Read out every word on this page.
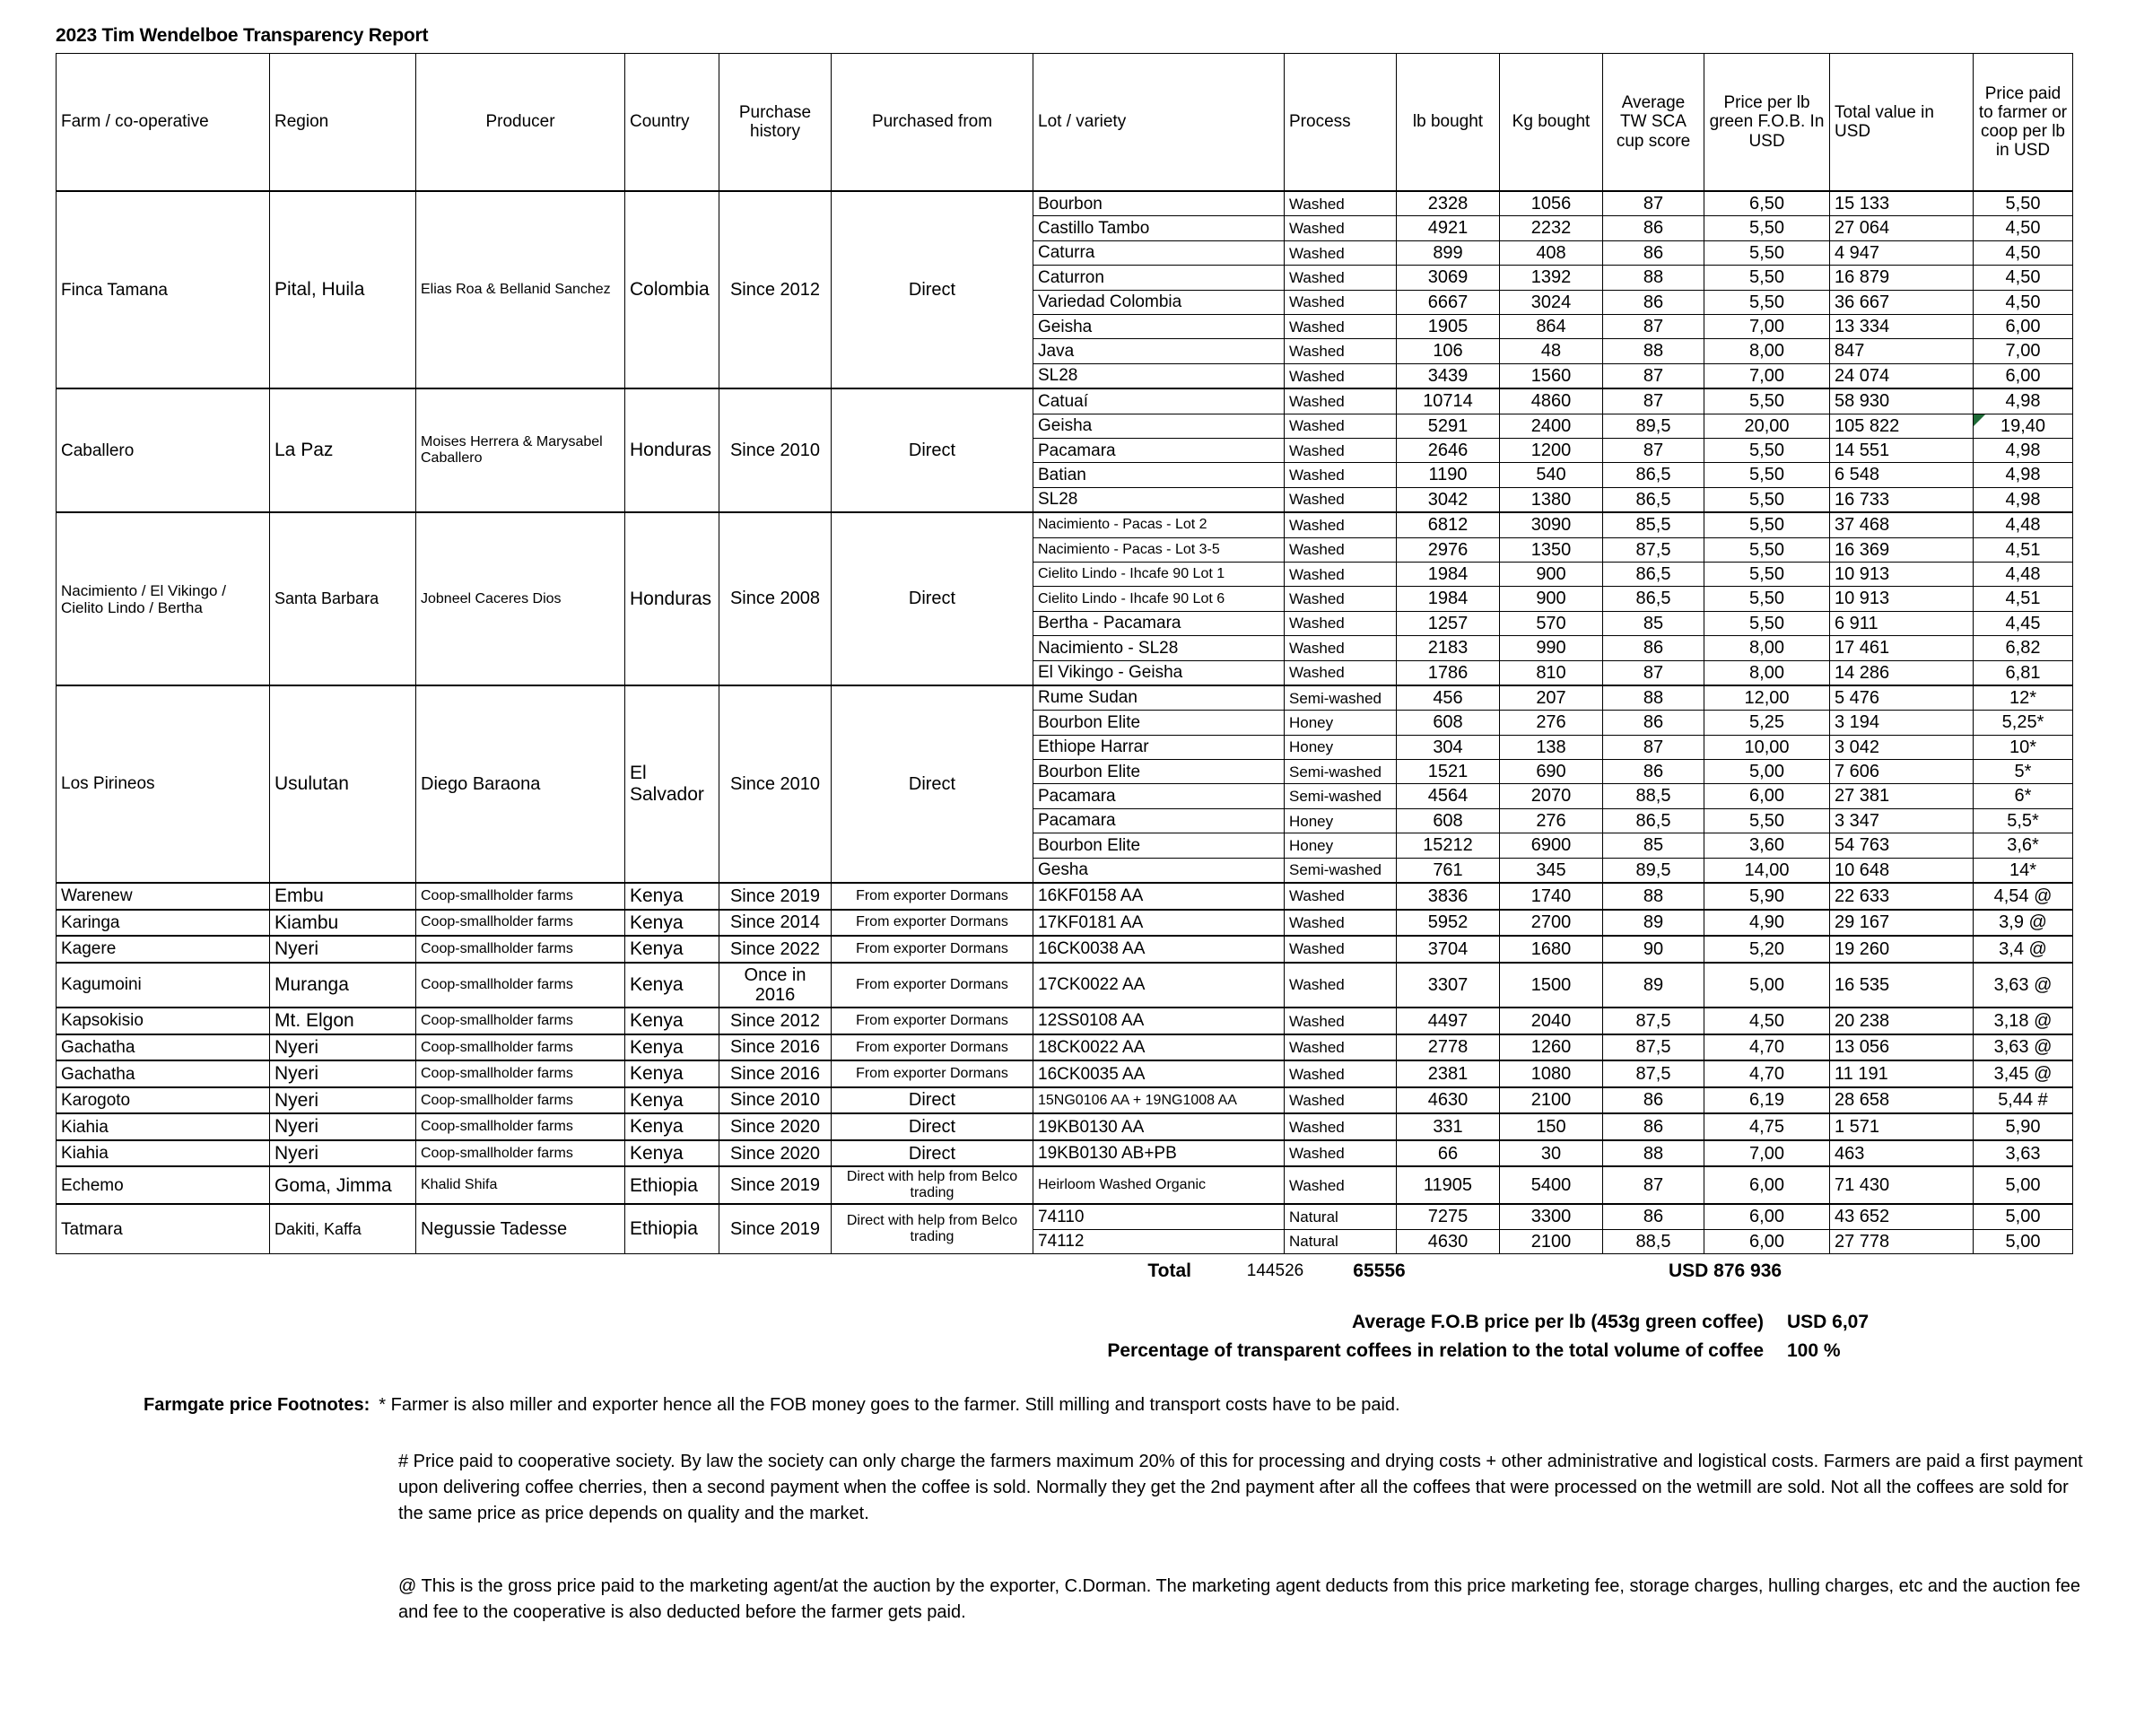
2023 Tim Wendelboe Transparency Report
Farm / co-operative	Region	Producer	Country	Purchase history	Purchased from	Lot / variety	Process	lb bought	Kg bought	Average TW SCA cup score	Price per lb green F.O.B. In USD	Total value in USD	Price paid to farmer or coop per lb in USD
Finca Tamana	Pital, Huila	Elias Roa & Bellanid Sanchez	Colombia	Since 2012	Direct	Bourbon	Washed	2328	1056	87	6,50	15 133	5,50
						Castillo Tambo	Washed	4921	2232	86	5,50	27 064	4,50
						Caturra	Washed	899	408	86	5,50	4 947	4,50
						Caturron	Washed	3069	1392	88	5,50	16 879	4,50
						Variedad Colombia	Washed	6667	3024	86	5,50	36 667	4,50
						Geisha	Washed	1905	864	87	7,00	13 334	6,00
						Java	Washed	106	48	88	8,00	847	7,00
						SL28	Washed	3439	1560	87	7,00	24 074	6,00
Caballero	La Paz	Moises Herrera & Marysabel Caballero	Honduras	Since 2010	Direct	Catuaí	Washed	10714	4860	87	5,50	58 930	4,98
						Geisha	Washed	5291	2400	89,5	20,00	105 822	19,40
						Pacamara	Washed	2646	1200	87	5,50	14 551	4,98
						Batian	Washed	1190	540	86,5	5,50	6 548	4,98
						SL28	Washed	3042	1380	86,5	5,50	16 733	4,98
Nacimiento / El Vikingo / Cielito Lindo / Bertha	Santa Barbara	Jobneel Caceres Dios	Honduras	Since 2008	Direct	Nacimiento - Pacas - Lot 2	Washed	6812	3090	85,5	5,50	37 468	4,48
						Nacimiento - Pacas - Lot 3-5	Washed	2976	1350	87,5	5,50	16 369	4,51
						Cielito Lindo - Ihcafe 90 Lot 1	Washed	1984	900	86,5	5,50	10 913	4,48
						Cielito Lindo - Ihcafe 90 Lot 6	Washed	1984	900	86,5	5,50	10 913	4,51
						Bertha - Pacamara	Washed	1257	570	85	5,50	6 911	4,45
						Nacimiento - SL28	Washed	2183	990	86	8,00	17 461	6,82
						El Vikingo - Geisha	Washed	1786	810	87	8,00	14 286	6,81
Los Pirineos	Usulutan	Diego Baraona	El Salvador	Since 2010	Direct	Rume Sudan	Semi-washed	456	207	88	12,00	5 476	12*
						Bourbon Elite	Honey	608	276	86	5,25	3 194	5,25*
						Ethiope Harrar	Honey	304	138	87	10,00	3 042	10*
						Bourbon Elite	Semi-washed	1521	690	86	5,00	7 606	5*
						Pacamara	Semi-washed	4564	2070	88,5	6,00	27 381	6*
						Pacamara	Honey	608	276	86,5	5,50	3 347	5,5*
						Bourbon Elite	Honey	15212	6900	85	3,60	54 763	3,6*
						Gesha	Semi-washed	761	345	89,5	14,00	10 648	14*
Warenew	Embu	Coop-smallholder farms	Kenya	Since 2019	From exporter Dormans	16KF0158 AA	Washed	3836	1740	88	5,90	22 633	4,54 @
Karinga	Kiambu	Coop-smallholder farms	Kenya	Since 2014	From exporter Dormans	17KF0181 AA	Washed	5952	2700	89	4,90	29 167	3,9 @
Kagere	Nyeri	Coop-smallholder farms	Kenya	Since 2022	From exporter Dormans	16CK0038 AA	Washed	3704	1680	90	5,20	19 260	3,4 @
Kagumoini	Muranga	Coop-smallholder farms	Kenya	Once in 2016	From exporter Dormans	17CK0022 AA	Washed	3307	1500	89	5,00	16 535	3,63 @
Kapsokisio	Mt. Elgon	Coop-smallholder farms	Kenya	Since 2012	From exporter Dormans	12SS0108 AA	Washed	4497	2040	87,5	4,50	20 238	3,18 @
Gachatha	Nyeri	Coop-smallholder farms	Kenya	Since 2016	From exporter Dormans	18CK0022 AA	Washed	2778	1260	87,5	4,70	13 056	3,63 @
Gachatha	Nyeri	Coop-smallholder farms	Kenya	Since 2016	From exporter Dormans	16CK0035 AA	Washed	2381	1080	87,5	4,70	11 191	3,45 @
Karogoto	Nyeri	Coop-smallholder farms	Kenya	Since 2010	Direct	15NG0106 AA + 19NG1008 AA	Washed	4630	2100	86	6,19	28 658	5,44 #
Kiahia	Nyeri	Coop-smallholder farms	Kenya	Since 2020	Direct	19KB0130 AA	Washed	331	150	86	4,75	1 571	5,90
Kiahia	Nyeri	Coop-smallholder farms	Kenya	Since 2020	Direct	19KB0130 AB+PB	Washed	66	30	88	7,00	463	3,63
Echemo	Goma, Jimma	Khalid Shifa	Ethiopia	Since 2019	Direct with help from Belco trading	Heirloom Washed Organic	Washed	11905	5400	87	6,00	71 430	5,00
Tatmara	Dakiti, Kaffa	Negussie Tadesse	Ethiopia	Since 2019	Direct with help from Belco trading	74110	Natural	7275	3300	86	6,00	43 652	5,00
						74112	Natural	4630	2100	88,5	6,00	27 778	5,00
Total	144526	65556	USD 876 936
Average F.O.B price per lb (453g green coffee)	USD 6,07
Percentage of transparent coffees in relation to the total volume of coffee	100 %
Farmgate price Footnotes: * Farmer is also miller and exporter hence all the FOB money goes to the farmer. Still milling and transport costs have to be paid.
# Price paid to cooperative society. By law the society can only charge the farmers maximum 20% of this for processing and drying costs + other administrative and logistical costs. Farmers are paid a first payment upon delivering coffee cherries, then a second payment when the coffee is sold. Normally they get the 2nd payment after all the coffees that were processed on the wetmill are sold. Not all the coffees are sold for the same price as price depends on quality and the market.
@ This is the gross price paid to the marketing agent/at the auction by the exporter, C.Dorman. The marketing agent deducts from this price marketing fee, storage charges, hulling charges, etc and the auction fee and fee to the cooperative is also deducted before the farmer gets paid.
